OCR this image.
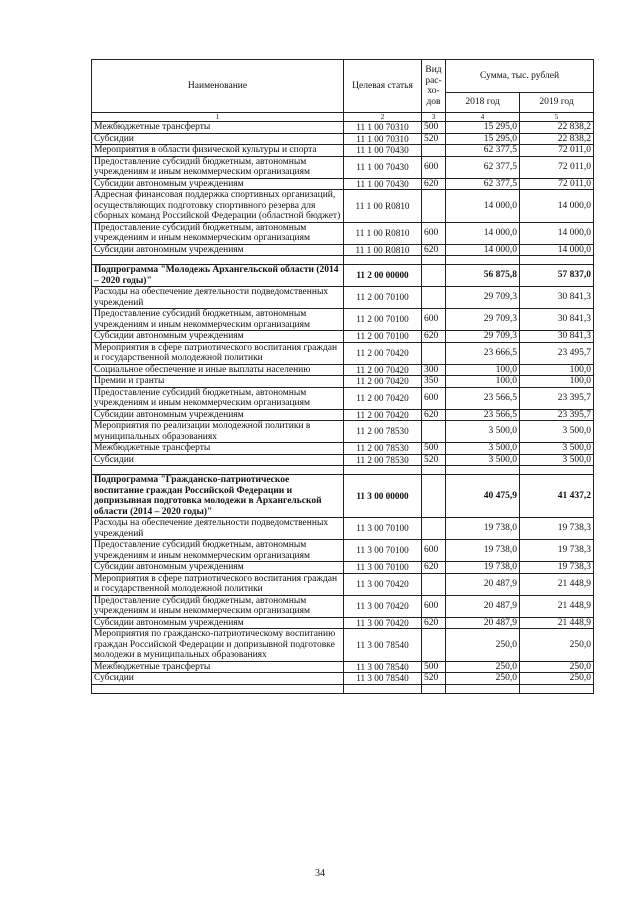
Наименование	Целевая статья	Вид рас-хо-дов	Сумма, тыс. рублей	
			2018 год	2019 год
1	2	3	4	5
Межбюджетные трансферты	11 1 00 70310	500	15 295,0	22 838,2
Субсидии	11 1 00 70310	520	15 295,0	22 838,2
Мероприятия в области физической культуры и спорта	11 1 00 70430		62 377,5	72 011,0
Предоставление субсидий бюджетным, автономным учреждениям и иным некоммерческим организациям	11 1 00 70430	600	62 377,5	72 011,0
Субсидии автономным учреждениям	11 1 00 70430	620	62 377,5	72 011,0
Адресная финансовая поддержка спортивных организаций, осуществляющих подготовку спортивного резерва для сборных команд Российской Федерации (областной бюджет)	11 1 00 R0810		14 000,0	14 000,0
Предоставление субсидий бюджетным, автономным учреждениям и иным некоммерческим организациям	11 1 00 R0810	600	14 000,0	14 000,0
Субсидии автономным учреждениям	11 1 00 R0810	620	14 000,0	14 000,0

Подпрограмма "Молодежь Архангельской области (2014 – 2020 годы)"	11 2 00 00000		56 875,8	57 837,0
Расходы на обеспечение деятельности подведомственных учреждений	11 2 00 70100		29 709,3	30 841,3
Предоставление субсидий бюджетным, автономным учреждениям и иным некоммерческим организациям	11 2 00 70100	600	29 709,3	30 841,3
Субсидии автономным учреждениям	11 2 00 70100	620	29 709,3	30 841,3
Мероприятия в сфере патриотического воспитания граждан и государственной молодежной политики	11 2 00 70420		23 666,5	23 495,7
Социальное обеспечение и иные выплаты населению	11 2 00 70420	300	100,0	100,0
Премии и гранты	11 2 00 70420	350	100,0	100,0
Предоставление субсидий бюджетным, автономным учреждениям и иным некоммерческим организациям	11 2 00 70420	600	23 566,5	23 395,7
Субсидии автономным учреждениям	11 2 00 70420	620	23 566,5	23 395,7
Мероприятия по реализации молодежной политики в муниципальных образованиях	11 2 00 78530		3 500,0	3 500,0
Межбюджетные трансферты	11 2 00 78530	500	3 500,0	3 500,0
Субсидии	11 2 00 78530	520	3 500,0	3 500,0

Подпрограмма "Гражданско-патриотическое воспитание граждан Российской Федерации и допризывная подготовка молодежи в Архангельской области (2014 – 2020 годы)"	11 3 00 00000		40 475,9	41 437,2
Расходы на обеспечение деятельности подведомственных учреждений	11 3 00 70100		19 738,0	19 738,3
Предоставление субсидий бюджетным, автономным учреждениям и иным некоммерческим организациям	11 3 00 70100	600	19 738,0	19 738,3
Субсидии автономным учреждениям	11 3 00 70100	620	19 738,0	19 738,3
Мероприятия в сфере патриотического воспитания граждан и государственной молодежной политики	11 3 00 70420		20 487,9	21 448,9
Предоставление субсидий бюджетным, автономным учреждениям и иным некоммерческим организациям	11 3 00 70420	600	20 487,9	21 448,9
Субсидии автономным учреждениям	11 3 00 70420	620	20 487,9	21 448,9
Мероприятия по гражданско-патриотическому воспитанию граждан Российской Федерации и допризывной подготовке молодежи в муниципальных образованиях	11 3 00 78540		250,0	250,0
Межбюджетные трансферты	11 3 00 78540	500	250,0	250,0
Субсидии	11 3 00 78540	520	250,0	250,0

34
